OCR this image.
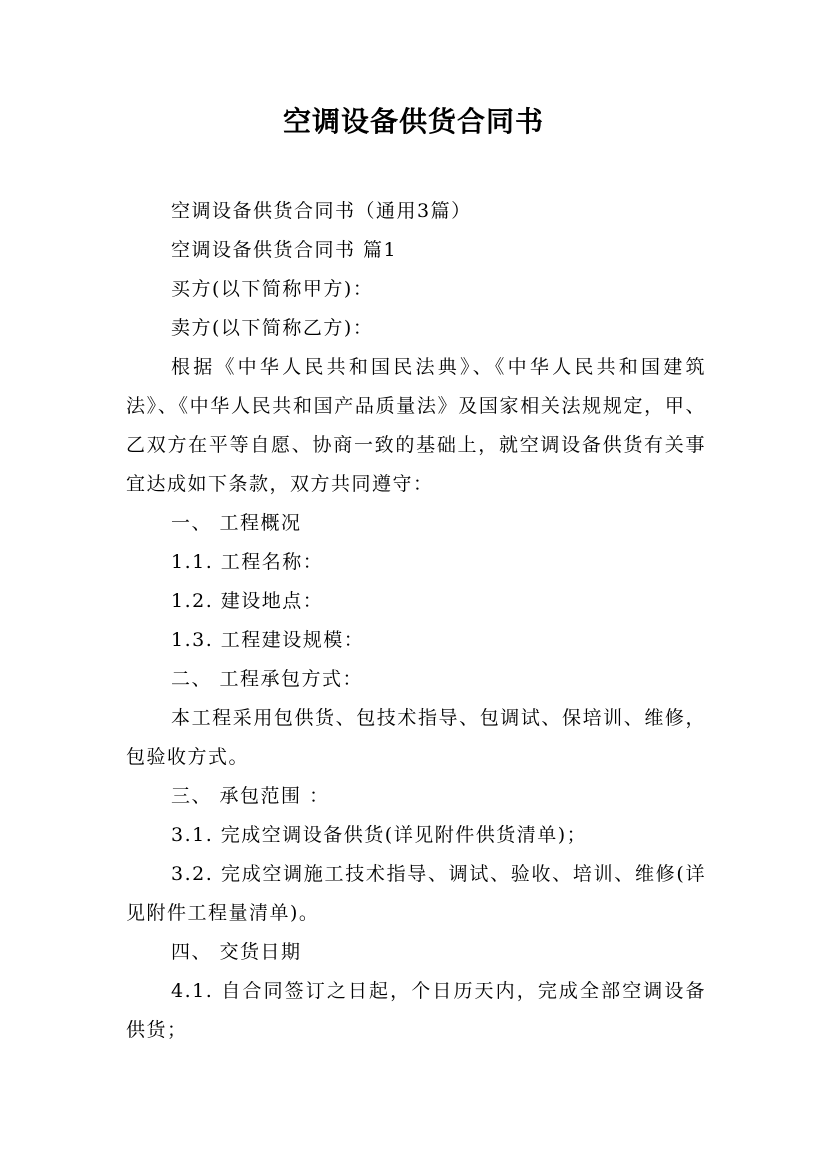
空调设备供货合同书

空调设备供货合同书（通用3篇）

空调设备供货合同书 篇1

买方(以下简称甲方)：

卖方(以下简称乙方)：

根据《中华人民共和国民法典》、《中华人民共和国建筑法》、《中华人民共和国产品质量法》及国家相关法规规定，甲、乙双方在平等自愿、协商一致的基础上，就空调设备供货有关事宜达成如下条款，双方共同遵守：

一、 工程概况

1.1. 工程名称：

1.2. 建设地点：

1.3. 工程建设规模：

二、 工程承包方式：

本工程采用包供货、包技术指导、包调试、保培训、维修，包验收方式。

三、 承包范围 ：

3.1. 完成空调设备供货(详见附件供货清单)；

3.2. 完成空调施工技术指导、调试、验收、培训、维修(详见附件工程量清单)。

四、 交货日期

4.1. 自合同签订之日起，个日历天内，完成全部空调设备供货；
